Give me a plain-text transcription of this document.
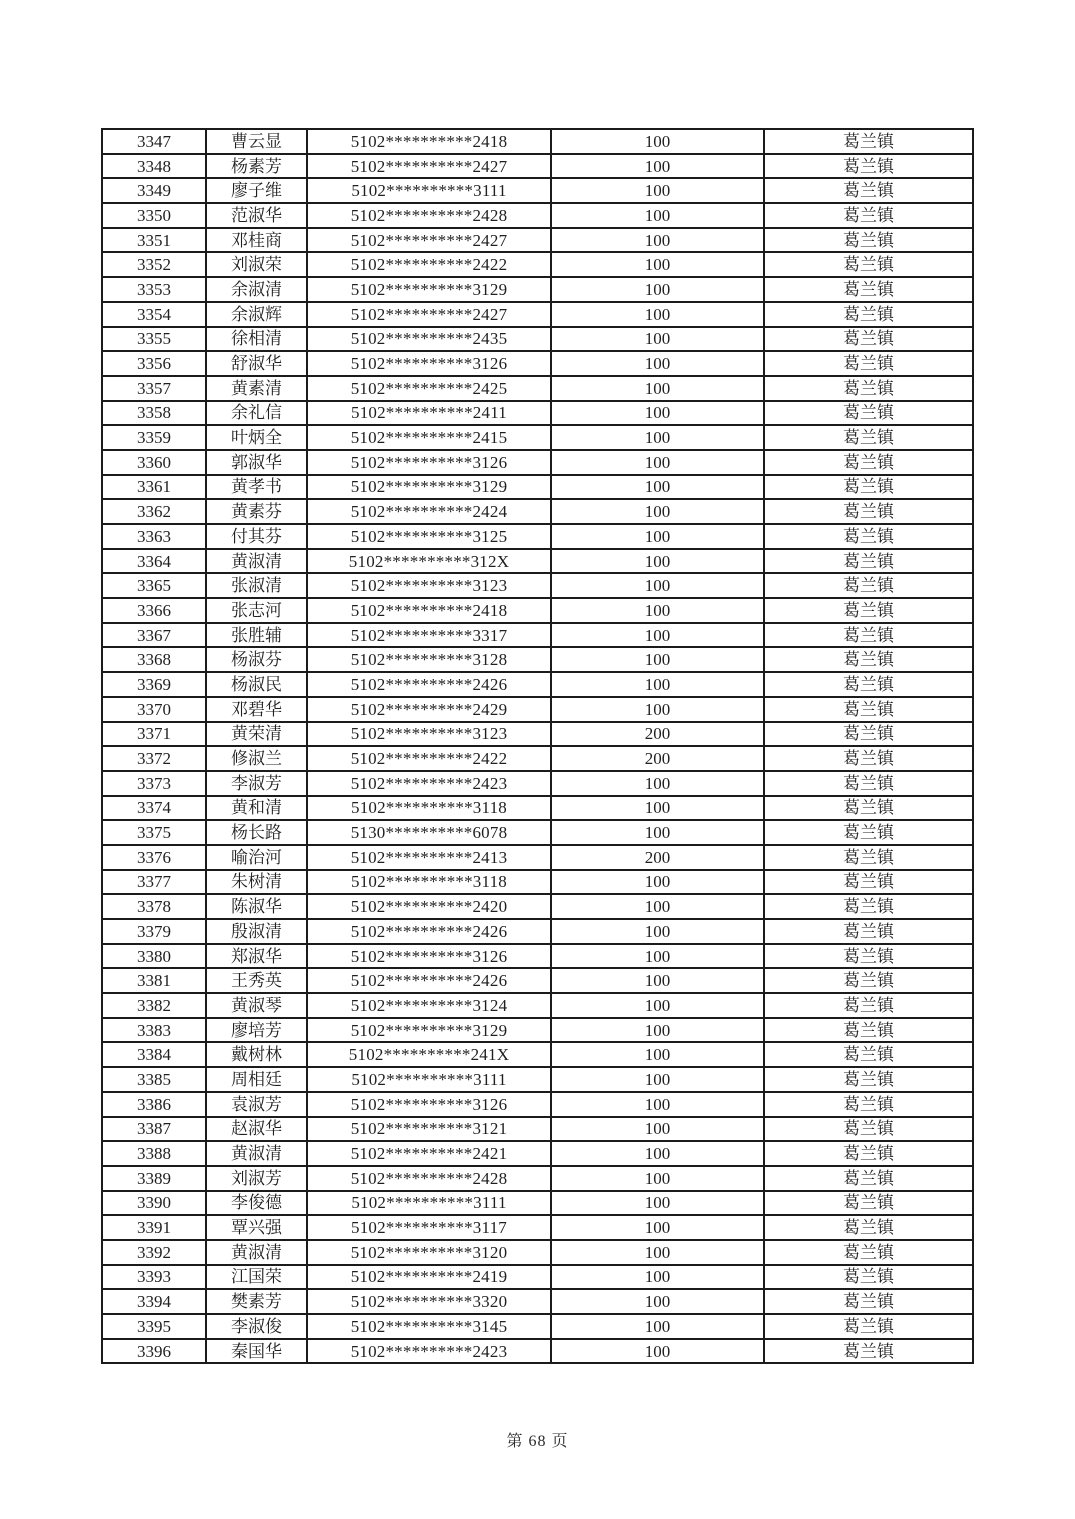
3347	曹云显	5102**********2418	100	葛兰镇
3348	杨素芳	5102**********2427	100	葛兰镇
3349	廖子维	5102**********3111	100	葛兰镇
3350	范淑华	5102**********2428	100	葛兰镇
3351	邓桂商	5102**********2427	100	葛兰镇
3352	刘淑荣	5102**********2422	100	葛兰镇
3353	余淑清	5102**********3129	100	葛兰镇
3354	余淑辉	5102**********2427	100	葛兰镇
3355	徐相清	5102**********2435	100	葛兰镇
3356	舒淑华	5102**********3126	100	葛兰镇
3357	黄素清	5102**********2425	100	葛兰镇
3358	余礼信	5102**********2411	100	葛兰镇
3359	叶炳全	5102**********2415	100	葛兰镇
3360	郭淑华	5102**********3126	100	葛兰镇
3361	黄孝书	5102**********3129	100	葛兰镇
3362	黄素芬	5102**********2424	100	葛兰镇
3363	付其芬	5102**********3125	100	葛兰镇
3364	黄淑清	5102**********312X	100	葛兰镇
3365	张淑清	5102**********3123	100	葛兰镇
3366	张志河	5102**********2418	100	葛兰镇
3367	张胜辅	5102**********3317	100	葛兰镇
3368	杨淑芬	5102**********3128	100	葛兰镇
3369	杨淑民	5102**********2426	100	葛兰镇
3370	邓碧华	5102**********2429	100	葛兰镇
3371	黄荣清	5102**********3123	200	葛兰镇
3372	修淑兰	5102**********2422	200	葛兰镇
3373	李淑芳	5102**********2423	100	葛兰镇
3374	黄和清	5102**********3118	100	葛兰镇
3375	杨长路	5130**********6078	100	葛兰镇
3376	喻治河	5102**********2413	200	葛兰镇
3377	朱树清	5102**********3118	100	葛兰镇
3378	陈淑华	5102**********2420	100	葛兰镇
3379	殷淑清	5102**********2426	100	葛兰镇
3380	郑淑华	5102**********3126	100	葛兰镇
3381	王秀英	5102**********2426	100	葛兰镇
3382	黄淑琴	5102**********3124	100	葛兰镇
3383	廖培芳	5102**********3129	100	葛兰镇
3384	戴树林	5102**********241X	100	葛兰镇
3385	周相廷	5102**********3111	100	葛兰镇
3386	袁淑芳	5102**********3126	100	葛兰镇
3387	赵淑华	5102**********3121	100	葛兰镇
3388	黄淑清	5102**********2421	100	葛兰镇
3389	刘淑芳	5102**********2428	100	葛兰镇
3390	李俊德	5102**********3111	100	葛兰镇
3391	覃兴强	5102**********3117	100	葛兰镇
3392	黄淑清	5102**********3120	100	葛兰镇
3393	江国荣	5102**********2419	100	葛兰镇
3394	樊素芳	5102**********3320	100	葛兰镇
3395	李淑俊	5102**********3145	100	葛兰镇
3396	秦国华	5102**********2423	100	葛兰镇
第 68 页
